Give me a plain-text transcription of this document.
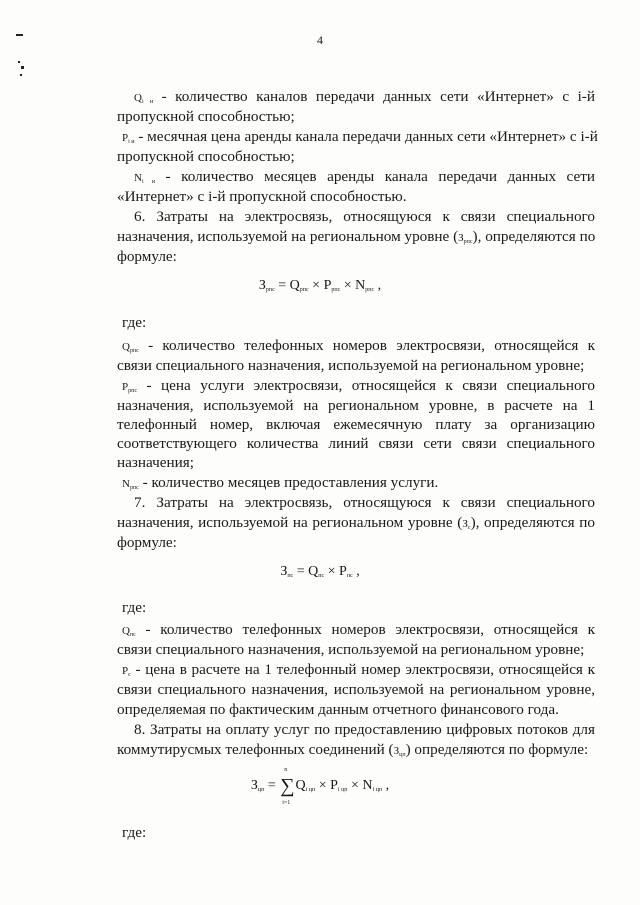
4
$Q_{i и}$ - количество каналов передачи данных сети «Интернет» с i-й
пропускной способностью;
$P_{i и}$ - месячная цена аренды канала передачи данных сети «Интернет» с i-й
пропускной способностью;
$N_{i и}$ - количество месяцев аренды канала передачи данных сети
«Интернет» с i-й пропускной способностью.
6. Затраты на электросвязь, относящуюся к связи специального
назначения, используемой на региональном уровне $(З_{рпс})$, определяются по
формуле:
$З_{рпс} = Q_{рпс} \times P_{рпс} \times N_{рпс}$ ,
где:
$Q_{рпс}$ - количество телефонных номеров электросвязи, относящейся к
связи специального назначения, используемой на региональном уровне;
$P_{рпс}$ - цена услуги электросвязи, относящейся к связи специального
назначения, используемой на региональном уровне, в расчете на 1
телефонный номер, включая ежемесячную плату за организацию
соответствующего количества линий связи сети связи специального
назначения;
$N_{рпс}$ - количество месяцев предоставления услуги.
7. Затраты на электросвязь, относящуюся к связи специального
назначения, используемой на региональном уровне $(З_с)$, определяются по
формуле:
$З_{пс} = Q_{пс} \times P_{пс}$ ,
где:
$Q_{пс}$ - количество телефонных номеров электросвязи, относящейся к
связи специального назначения, используемой на региональном уровне;
$P_с$ - цена в расчете на 1 телефонный номер электросвязи, относящейся к
связи специального назначения, используемой на региональном уровне,
определяемая по фактическим данным отчетного финансового года.
8. Затраты на оплату услуг по предоставлению цифровых потоков для
коммутирусмых телефонных соединений $(З_{цп})$ определяются по формуле:
$З_{цп}$ =
n
∑
i=1
$Q_{i цп} \times P_{i цп} \times N_{i цп}$ ,
где:
